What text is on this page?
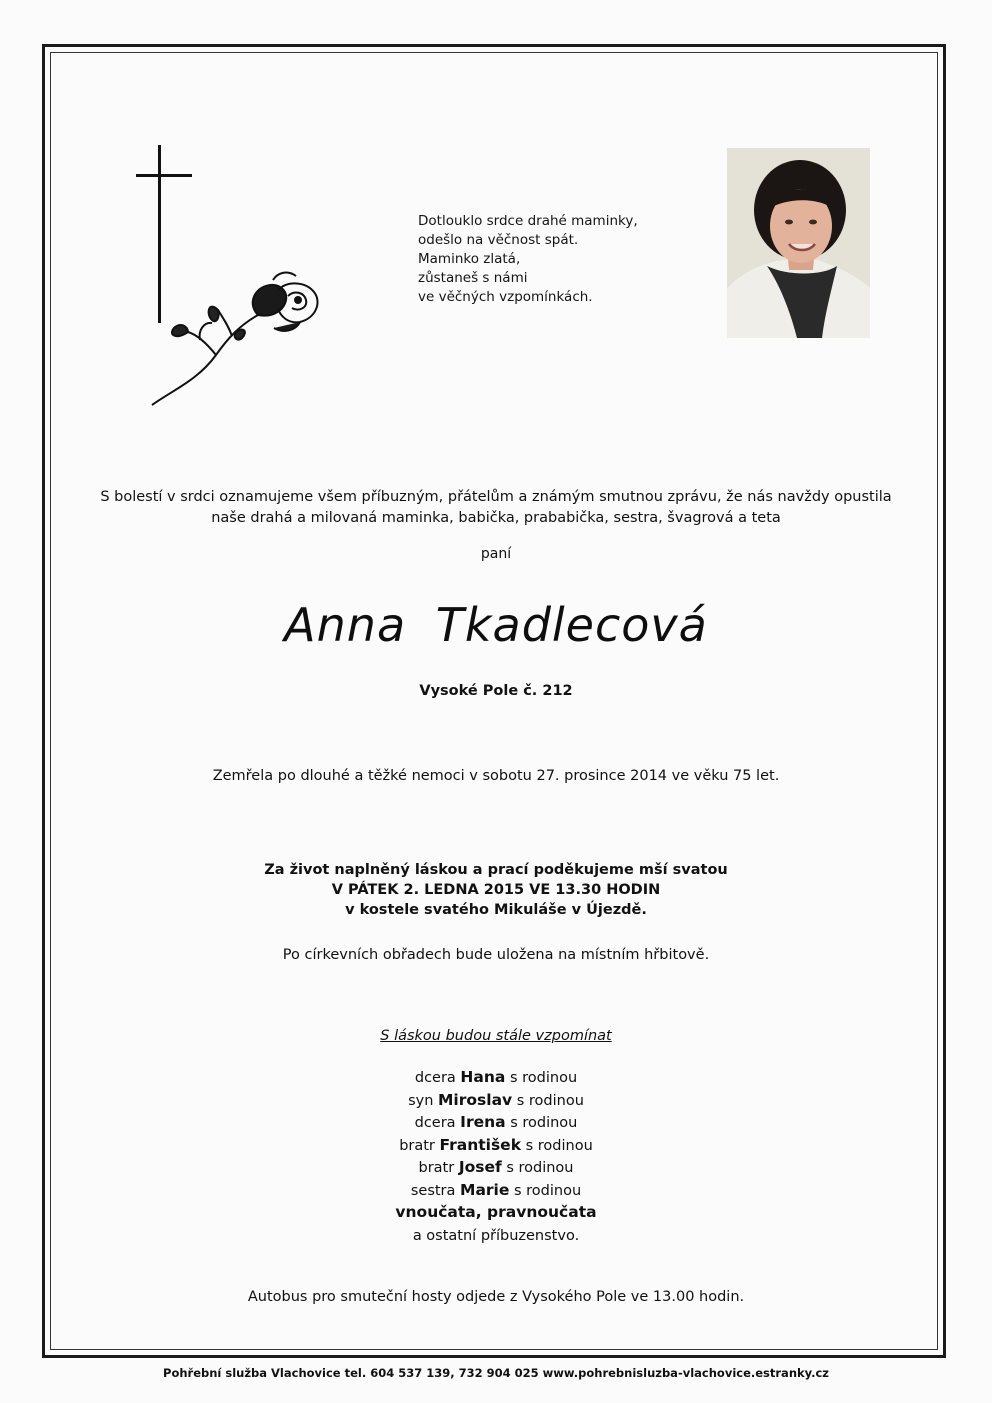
Dotlouklo srdce drahé maminky,
odešlo na věčnost spát.
Maminko zlatá,
zůstaneš s námi
ve věčných vzpomínkách.
S bolestí v srdci oznamujeme všem příbuzným, přátelům a známým smutnou zprávu, že nás navždy opustila
naše drahá a milovaná maminka, babička, prababička, sestra, švagrová a teta
paní
Anna Tkadlecová
Vysoké Pole č. 212
Zemřela po dlouhé a těžké nemoci v sobotu 27. prosince 2014 ve věku 75 let.
Za život naplněný láskou a prací poděkujeme mší svatou
V PÁTEK 2. LEDNA 2015 VE 13.30 HODIN
v kostele svatého Mikuláše v Újezdě.
Po církevních obřadech bude uložena na místním hřbitově.
S láskou budou stále vzpomínat
dcera Hana s rodinou
syn Miroslav s rodinou
dcera Irena s rodinou
bratr František s rodinou
bratr Josef s rodinou
sestra Marie s rodinou
vnoučata, pravnoučata
a ostatní příbuzenstvo.
Autobus pro smuteční hosty odjede z Vysokého Pole ve 13.00 hodin.
Pohřební služba Vlachovice tel. 604 537 139, 732 904 025 www.pohrebnisluzba-vlachovice.estranky.cz
